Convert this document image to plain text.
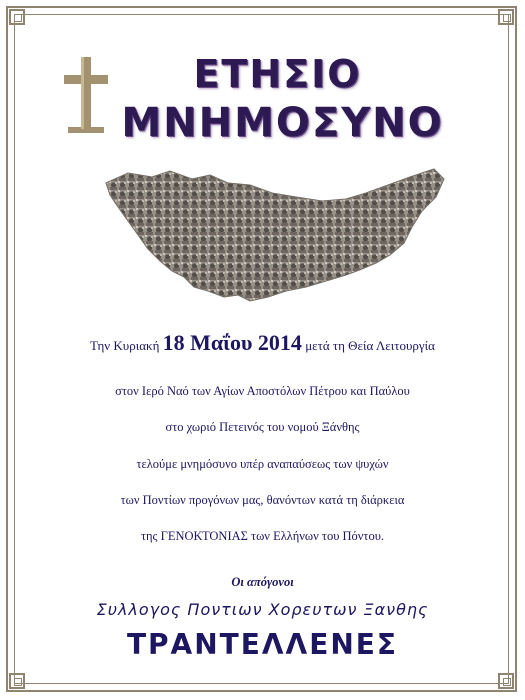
ΕΤΗΣΙΟ
ΜΝΗΜΟΣΥΝΟ
Την Κυριακή 18 Μαΐου 2014 μετά τη Θεία Λειτουργία
στον Ιερό Ναό των Αγίων Αποστόλων Πέτρου και Παύλου
στο χωριό Πετεινός του νομού Ξάνθης
τελούμε μνημόσυνο υπέρ αναπαύσεως των ψυχών
των Ποντίων προγόνων μας, θανόντων κατά τη διάρκεια
της ΓΕΝΟΚΤΟΝΙΑΣ των Ελλήνων του Πόντου.
Οι απόγονοι
Συλλογος Ποντιων Χορευτων Ξανθης
ΤΡΑΝΤΕΛΛΕΝΕΣ
